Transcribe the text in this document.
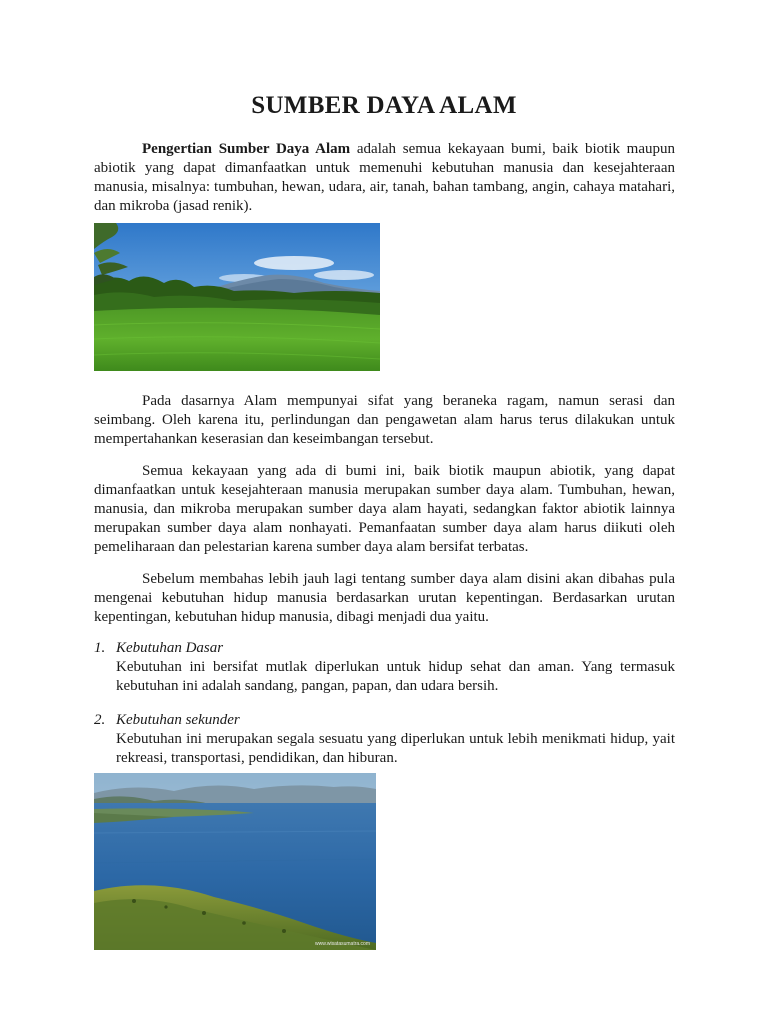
SUMBER DAYA ALAM

Pengertian Sumber Daya Alam adalah semua kekayaan bumi, baik biotik maupun abiotik yang dapat dimanfaatkan untuk memenuhi kebutuhan manusia dan kesejahteraan manusia, misalnya: tumbuhan, hewan, udara, air, tanah, bahan tambang, angin, cahaya matahari, dan mikroba (jasad renik).

Pada dasarnya Alam mempunyai sifat yang beraneka ragam, namun serasi dan seimbang. Oleh karena itu, perlindungan dan pengawetan alam harus terus dilakukan untuk mempertahankan keserasian dan keseimbangan tersebut.

Semua kekayaan yang ada di bumi ini, baik biotik maupun abiotik, yang dapat dimanfaatkan untuk kesejahteraan manusia merupakan sumber daya alam. Tumbuhan, hewan, manusia, dan mikroba merupakan sumber daya alam hayati, sedangkan faktor abiotik lainnya merupakan sumber daya alam nonhayati. Pemanfaatan sumber daya alam harus diikuti oleh pemeliharaan dan pelestarian karena sumber daya alam bersifat terbatas.

Sebelum membahas lebih jauh lagi tentang sumber daya alam disini akan dibahas pula mengenai kebutuhan hidup manusia berdasarkan urutan kepentingan. Berdasarkan urutan kepentingan, kebutuhan hidup manusia, dibagi menjadi dua yaitu.

1. Kebutuhan Dasar
Kebutuhan ini bersifat mutlak diperlukan untuk hidup sehat dan aman. Yang termasuk kebutuhan ini adalah sandang, pangan, papan, dan udara bersih.
2. Kebutuhan sekunder
Kebutuhan ini merupakan segala sesuatu yang diperlukan untuk lebih menikmati hidup, yait rekreasi, transportasi, pendidikan, dan hiburan.
www.wisatasumatra.com
